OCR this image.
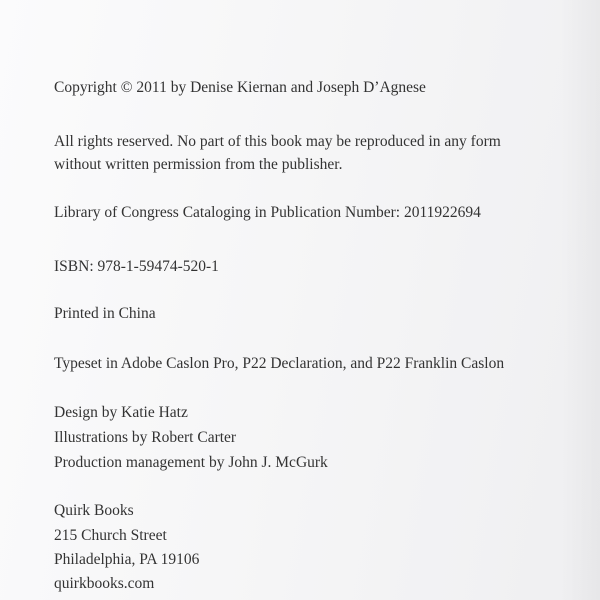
Copyright © 2011 by Denise Kiernan and Joseph D’Agnese

All rights reserved. No part of this book may be reproduced in any form

without written permission from the publisher.

Library of Congress Cataloging in Publication Number: 2011922694

ISBN: 978-1-59474-520-1

Printed in China

Typeset in Adobe Caslon Pro, P22 Declaration, and P22 Franklin Caslon

Design by Katie Hatz

Illustrations by Robert Carter

Production management by John J. McGurk

Quirk Books

215 Church Street

Philadelphia, PA 19106

quirkbooks.com
